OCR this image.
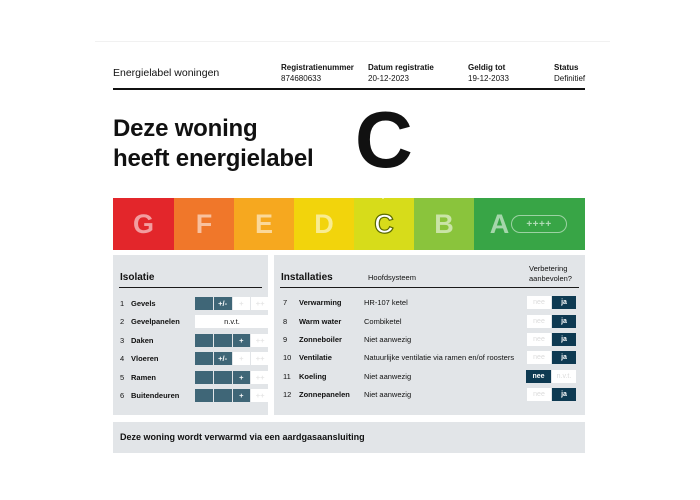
Energielabel woningen	Registratienummer
874680633
Datum registratie
20-12-2023
Geldig tot
19-12-2033
Status
Definitief
Deze woning
heeft energielabel C
G F E D C B A	++++
Isolatie
1 Gevels	+/-	+	++
2 Gevelpanelen	n.v.t.
3 Daken	+	++
4 Vloeren	+/-	+	++
5 Ramen	+	++
6 Buitendeuren	+	++
Installaties	Hoofdsysteem
Verbetering
aanbevolen?
7	Verwarming	HR-107 ketel	nee	ja
8	Warm water	Combiketel	nee	ja
9	Zonneboiler	Niet aanwezig	nee	ja
10	Ventilatie	Natuurlijke ventilatie via ramen en/of roosters	nee	ja
11	Koeling	Niet aanwezig	nee	n.v.t.
12	Zonnepanelen	Niet aanwezig	nee	ja
Deze woning wordt verwarmd via een aardgasaansluiting
